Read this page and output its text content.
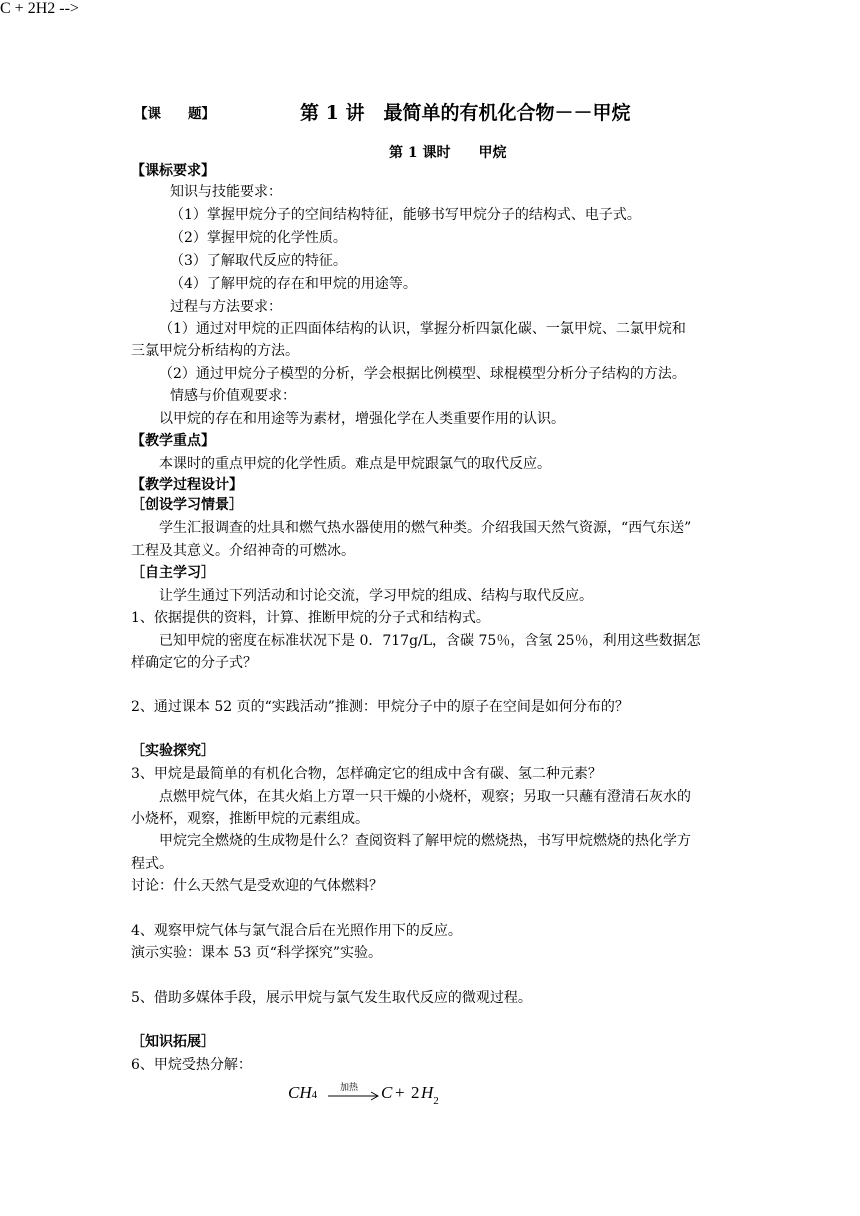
【课　　题】	第 1 讲　最简单的有机化合物－－甲烷
第 1 课时　　甲烷
【课标要求】
知识与技能要求：
（1）掌握甲烷分子的空间结构特征，能够书写甲烷分子的结构式、电子式。
（2）掌握甲烷的化学性质。
（3）了解取代反应的特征。
（4）了解甲烷的存在和甲烷的用途等。
过程与方法要求：
（1）通过对甲烷的正四面体结构的认识，掌握分析四氯化碳、一氯甲烷、二氯甲烷和
三氯甲烷分析结构的方法。
（2）通过甲烷分子模型的分析，学会根据比例模型、球棍模型分析分子结构的方法。
情感与价值观要求：
以甲烷的存在和用途等为素材，增强化学在人类重要作用的认识。
【教学重点】
本课时的重点甲烷的化学性质。难点是甲烷跟氯气的取代反应。
【教学过程设计】
［创设学习情景］
学生汇报调查的灶具和燃气热水器使用的燃气种类。介绍我国天然气资源，“西气东送”
工程及其意义。介绍神奇的可燃冰。
［自主学习］
让学生通过下列活动和讨论交流，学习甲烷的组成、结构与取代反应。
1、依据提供的资料，计算、推断甲烷的分子式和结构式。
已知甲烷的密度在标准状况下是 0．717g/L，含碳 75％，含氢 25％，利用这些数据怎
样确定它的分子式？
2、通过课本 52 页的“实践活动”推测：甲烷分子中的原子在空间是如何分布的？
［实验探究］
3、甲烷是最简单的有机化合物，怎样确定它的组成中含有碳、氢二种元素？
点燃甲烷气体，在其火焰上方罩一只干燥的小烧杯，观察；另取一只蘸有澄清石灰水的
小烧杯，观察，推断甲烷的元素组成。
甲烷完全燃烧的生成物是什么？查阅资料了解甲烷的燃烧热，书写甲烷燃烧的热化学方
程式。
讨论：什么天然气是受欢迎的气体燃料？
4、观察甲烷气体与氯气混合后在光照作用下的反应。
演示实验：课本 53 页“科学探究”实验。
5、借助多媒体手段，展示甲烷与氯气发生取代反应的微观过程。
［知识拓展］
6、甲烷受热分解：
C + 2H2 -->
CH4
加热 → C + 2 $H_2$
